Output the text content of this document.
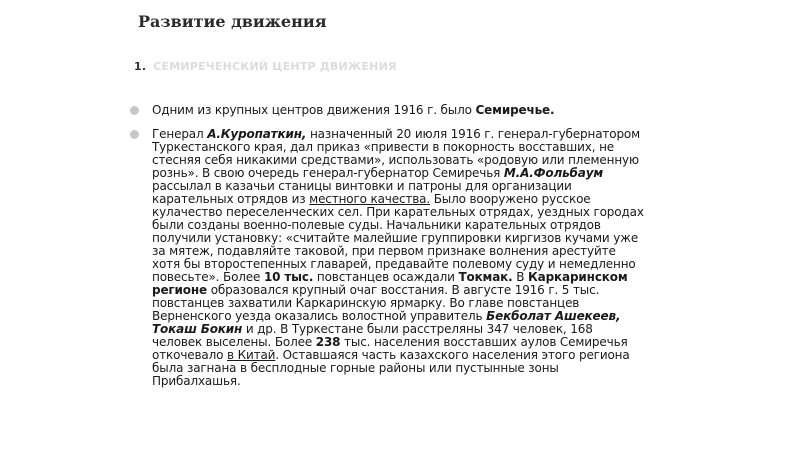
Развитие движения
1. СЕМИРЕЧЕНСКИЙ ЦЕНТР ДВИЖЕНИЯ
Одним из крупных центров движения 1916 г. было Семиречье.
Генерал А.Куропаткин, назначенный 20 июля 1916 г. генерал-губернатором Туркестанского края, дал приказ «привести в покорность восставших, не стесняя себя никакими средствами», использовать «родовую или племенную рознь». В свою очередь генерал-губернатор Семиречья М.А.Фольбаум рассылал в казачьи станицы винтовки и патроны для организации карательных отрядов из местного качества. Было вооружено русское кулачество переселенческих сел. При карательных отрядах, уездных городах были созданы военно-полевые суды. Начальники карательных отрядов получили установку: «считайте малейшие группировки киргизов кучами уже за мятеж, подавляйте таковой, при первом признаке волнения арестуйте хотя бы второстепенных главарей, предавайте полевому суду и немедленно повесьте». Более 10 тыс. повстанцев осаждали Токмак. В Каркаринском регионе образовался крупный очаг восстания. В августе 1916 г. 5 тыс. повстанцев захватили Каркаринскую ярмарку. Во главе повстанцев Верненского уезда оказались волостной управитель Бекболат Ашекеев, Токаш Бокин и др. В Туркестане были расстреляны 347 человек, 168 человек выселены. Более 238 тыс. населения восставших аулов Семиречья откочевало в Китай. Оставшаяся часть казахского населения этого региона была загнана в бесплодные горные районы или пустынные зоны Прибалхашья.
